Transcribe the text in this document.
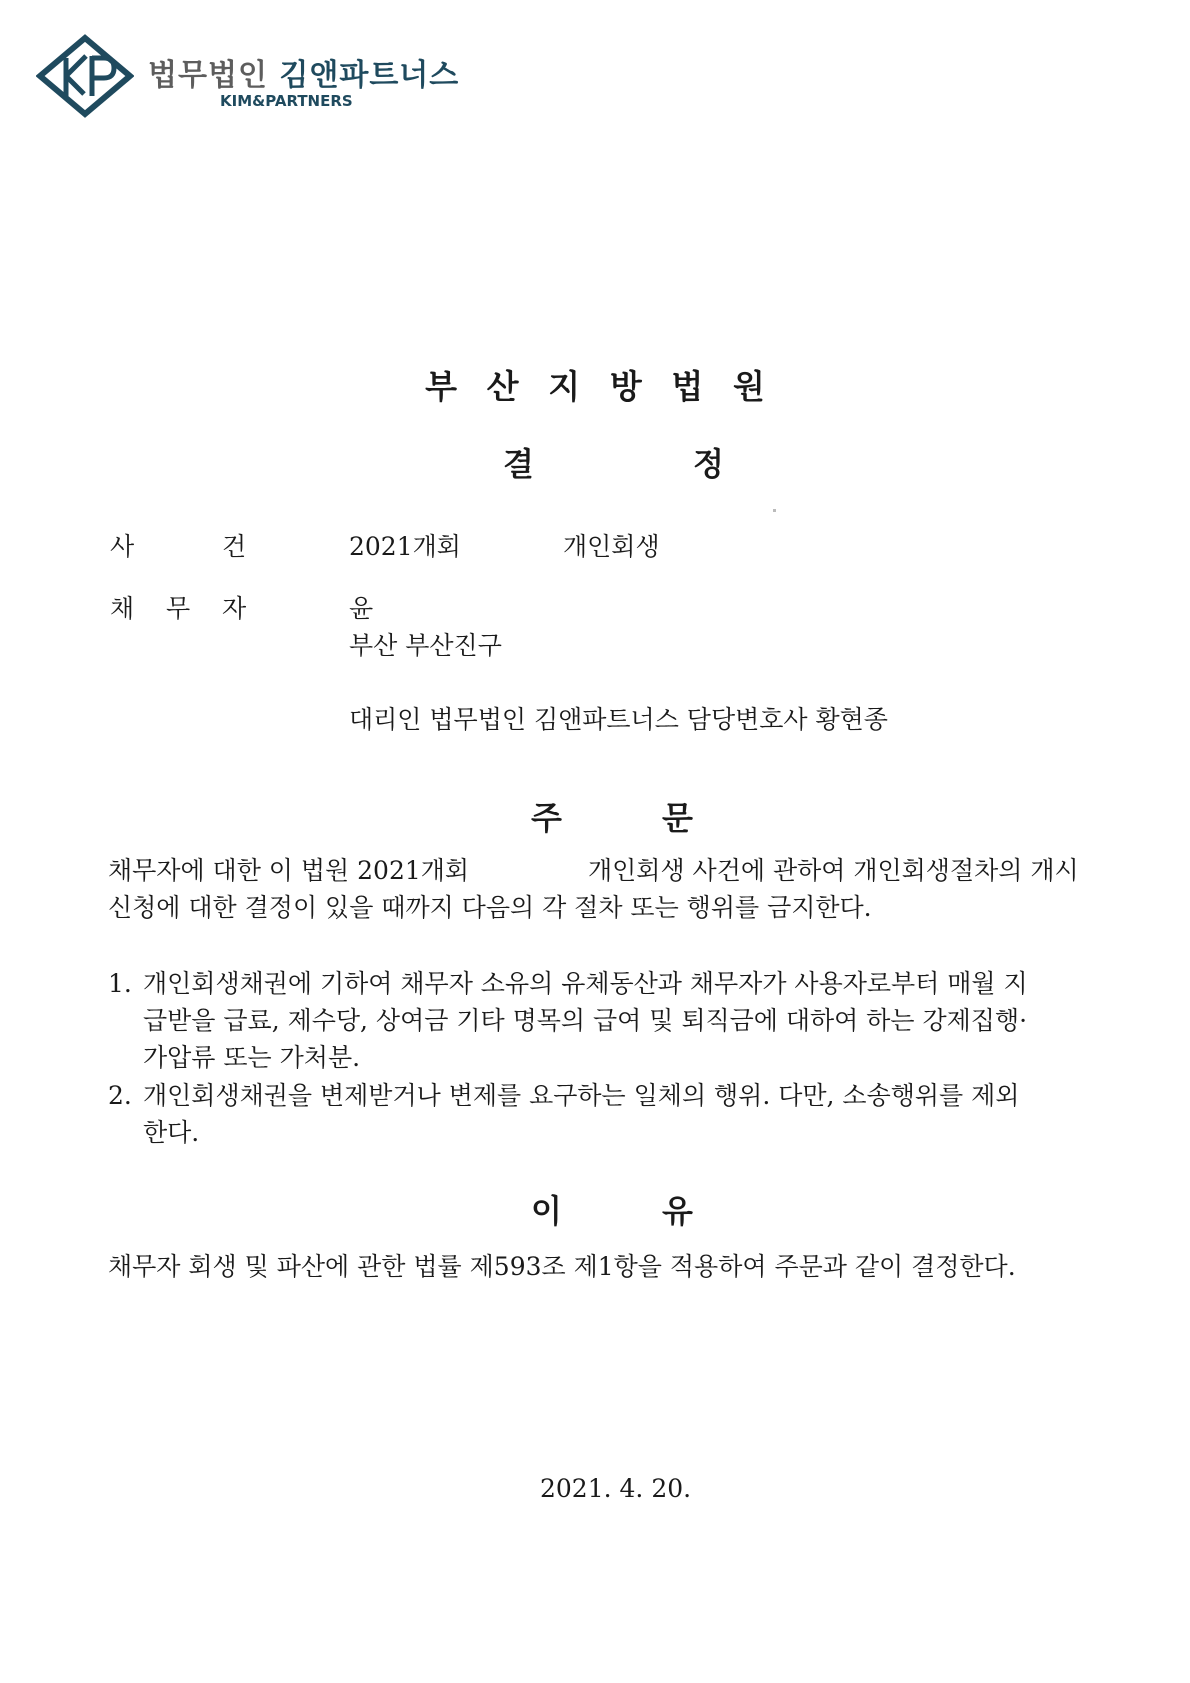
법무법인 김앤파트너스
KIM&PARTNERS
부산지방법원
결	정
사	건	2021개회	개인회생
채 무 자	윤
부산 부산진구
대리인 법무법인 김앤파트너스 담당변호사 황현종
주	문
채무자에 대한 이 법원 2021개회	개인회생 사건에 관하여 개인회생절차의 개시
신청에 대한 결정이 있을 때까지 다음의 각 절차 또는 행위를 금지한다.
1. 개인회생채권에 기하여 채무자 소유의 유체동산과 채무자가 사용자로부터 매월 지
급받을 급료, 제수당, 상여금 기타 명목의 급여 및 퇴직금에 대하여 하는 강제집행·
가압류 또는 가처분.
2. 개인회생채권을 변제받거나 변제를 요구하는 일체의 행위. 다만, 소송행위를 제외
한다.
이	유
채무자 회생 및 파산에 관한 법률 제593조 제1항을 적용하여 주문과 같이 결정한다.
2021. 4. 20.
